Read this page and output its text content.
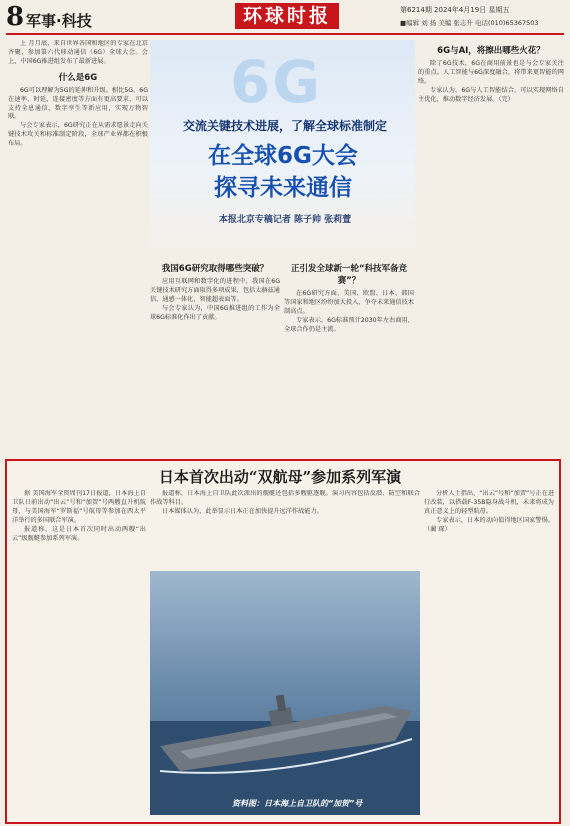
8 军事·科技	环球时报	第6214期 2024年4月19日 星期五
■编辑 刘 扬 美编 张志升 电话(010)65367503
6G
交流关键技术进展，了解全球标准制定
在全球6G大会
探寻未来通信
本报北京专稿记者 陈子帅 张莉萱

上 月月底，来自世界各国和地区的专家在北京齐聚，参加第六代移动通信（6G）全球大会。会上，中国6G推进组发布了最新进展。

什么是6G

6G可以理解为5G的延伸和升级。相比5G，6G在速率、时延、连接密度等方面有更高要求，可以支持全息通信、数字孪生等新应用，实现万物智联。

与会专家表示，6G研究正在从需求愿景走向关键技术攻关和标准制定阶段，全球产业界都在积极布局。

我国6G研究取得哪些突破？

应用互联网和数字化的进程中，我国在6G关键技术研究方面取得多项成果，包括太赫兹通信、通感一体化、智能超表面等。

与会专家认为，中国6G推进组的工作为全球6G标准化作出了贡献。

正引发全球新一轮“科技军备竞赛”？

在6G研究方面，美国、欧盟、日本、韩国等国家和地区纷纷加大投入，争夺未来通信技术制高点。

专家表示，6G标准预计2030年左右商用，全球合作仍是主流。

6G与AI，将擦出哪些火花？

除了6G技术，6G在商用前景也是与会专家关注的重点。人工智能与6G深度融合，将带来更智能的网络。

专家认为，6G与人工智能结合，可以实现网络自主优化，推动数字经济发展。（完）

日本首次出动“双航母”参加系列军演

据 美国海军全资周刊17日报道，日本海上自卫队日前出动“出云”号和“加贺”号两艘直升机航母，与美国海军“罗斯福”号航母等参加在西太平洋举行的多国联合军演。

报道称，这是日本首次同时出动两艘“出云”级舰艇参加系列军演。

报道称，日本海上自卫队此次派出的舰艇还包括多艘驱逐舰。演习内容包括反潜、防空和联合作战等科目。

日本媒体认为，此举显示日本正在加快提升远洋作战能力。

分析人士指出，“出云”号和“加贺”号正在进行改装，以搭载F-35B隐身战斗机，未来将成为真正意义上的轻型航母。

专家表示，日本的动向值得地区国家警惕。（蔺 琛）

资料图：日本海上自卫队的“加贺”号
